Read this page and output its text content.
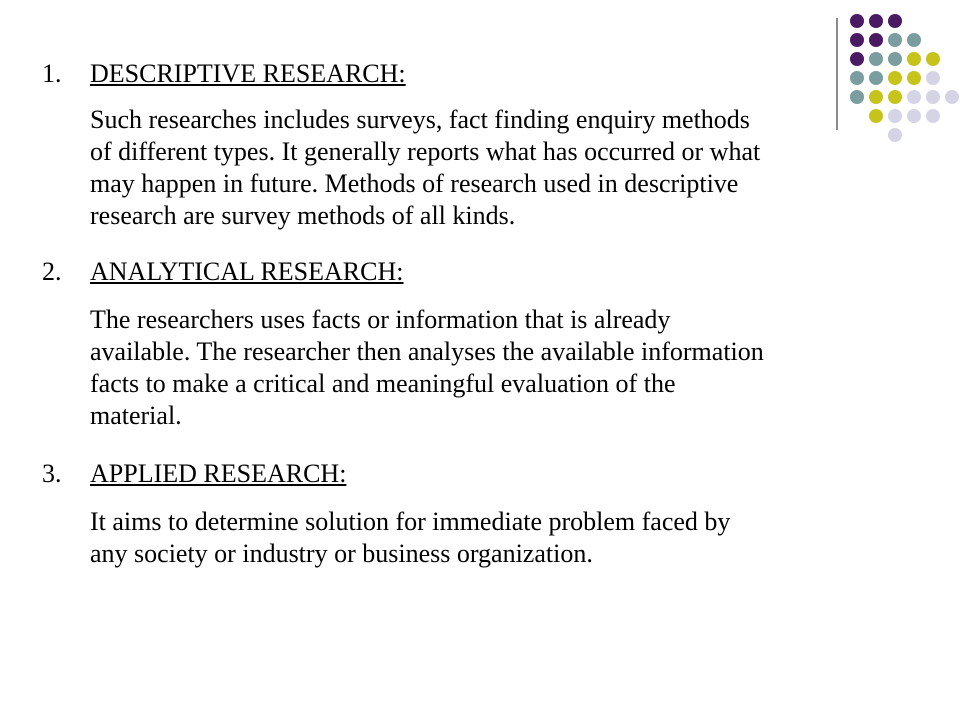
1.	DESCRIPTIVE RESEARCH:
Such researches includes surveys, fact finding enquiry methods
of different types. It generally reports what has occurred or what
may happen in future. Methods of research used in descriptive
research are survey methods of all kinds.
2.	ANALYTICAL RESEARCH:
The researchers uses facts or information that is already
available. The researcher then analyses the available information
facts to make a critical and meaningful evaluation of the
material.
3.	APPLIED RESEARCH:
It aims to determine solution for immediate problem faced by
any society or industry or business organization.
